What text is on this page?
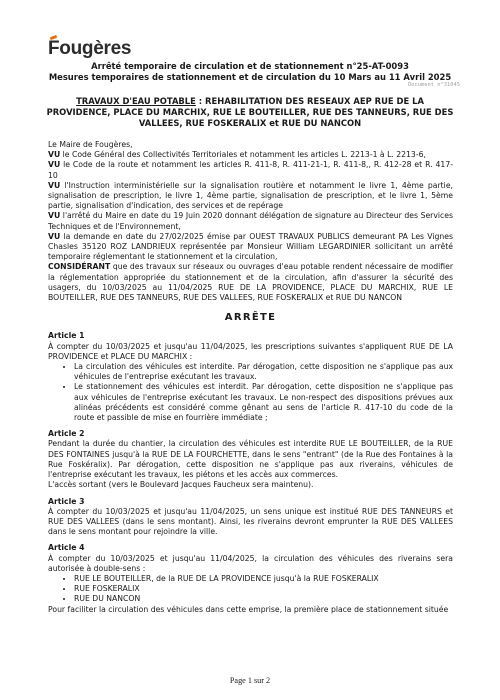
Fougères
Arrêté temporaire de circulation et de stationnement n°25-AT-0093
Mesures temporaires de stationnement et de circulation du 10 Mars au 11 Avril 2025
Document n°31045
TRAVAUX D'EAU POTABLE : REHABILITATION DES RESEAUX AEP RUE DE LA PROVIDENCE, PLACE DU MARCHIX, RUE LE BOUTEILLER, RUE DES TANNEURS, RUE DES VALLEES, RUE FOSKERALIX et RUE DU NANCON

Le Maire de Fougères,

VU le Code Général des Collectivités Territoriales et notamment les articles L. 2213-1 à L. 2213-6,

VU le Code de la route et notamment les articles R. 411-8, R. 411-21-1, R. 411-8,, R. 412-28 et R. 417-10

VU l'Instruction interministérielle sur la signalisation routière et notamment le livre 1, 4ème partie, signalisation de prescription, le livre 1, 4ème partie, signalisation de prescription, et le livre 1, 5ème partie, signalisation d'indication, des services et de repérage

VU l'arrêté du Maire en date du 19 Juin 2020 donnant délégation de signature au Directeur des Services Techniques et de l'Environnement,

VU la demande en date du 27/02/2025 émise par OUEST TRAVAUX PUBLICS demeurant PA Les Vignes Chasles 35120 ROZ LANDRIEUX représentée par Monsieur William LEGARDINIER sollicitant un arrêté temporaire réglementant le stationnement et la circulation,

CONSIDÉRANT que des travaux sur réseaux ou ouvrages d'eau potable rendent nécessaire de modifier la réglementation appropriée du stationnement et de la circulation, afin d'assurer la sécurité des usagers, du 10/03/2025 au 11/04/2025 RUE DE LA PROVIDENCE, PLACE DU MARCHIX, RUE LE BOUTEILLER, RUE DES TANNEURS, RUE DES VALLEES, RUE FOSKERALIX et RUE DU NANCON

ARRÊTE
Article 1

À compter du 10/03/2025 et jusqu'au 11/04/2025, les prescriptions suivantes s'appliquent RUE DE LA PROVIDENCE et PLACE DU MARCHIX :

• La circulation des véhicules est interdite. Par dérogation, cette disposition ne s'applique pas aux véhicules de l'entreprise exécutant les travaux.
• Le stationnement des véhicules est interdit. Par dérogation, cette disposition ne s'applique pas aux véhicules de l'entreprise exécutant les travaux. Le non-respect des dispositions prévues aux alinéas précédents est considéré comme gênant au sens de l'article R. 417-10 du code de la route et passible de mise en fourrière immédiate ;
Article 2

Pendant la durée du chantier, la circulation des véhicules est interdite RUE LE BOUTEILLER, de la RUE DES FONTAINES jusqu'à la RUE DE LA FOURCHETTE, dans le sens "entrant" (de la Rue des Fontaines à la Rue Foskéralix). Par dérogation, cette disposition ne s'applique pas aux riverains, véhicules de l'entreprise exécutant les travaux, les piétons et les accès aux commerces.

L'accès sortant (vers le Boulevard Jacques Faucheux sera maintenu).

Article 3

À compter du 10/03/2025 et jusqu'au 11/04/2025, un sens unique est institué RUE DES TANNEURS et RUE DES VALLEES (dans le sens montant). Ainsi, les riverains devront emprunter la RUE DES VALLEES dans le sens montant pour rejoindre la ville.

Article 4

À compter du 10/03/2025 et jusqu'au 11/04/2025, la circulation des véhicules des riverains sera autorisée à double-sens :

• RUE LE BOUTEILLER, de la RUE DE LA PROVIDENCE jusqu'à la RUE FOSKERALIX
• RUE FOSKERALIX
• RUE DU NANCON

Pour faciliter la circulation des véhicules dans cette emprise, la première place de stationnement située

Page 1 sur 2
